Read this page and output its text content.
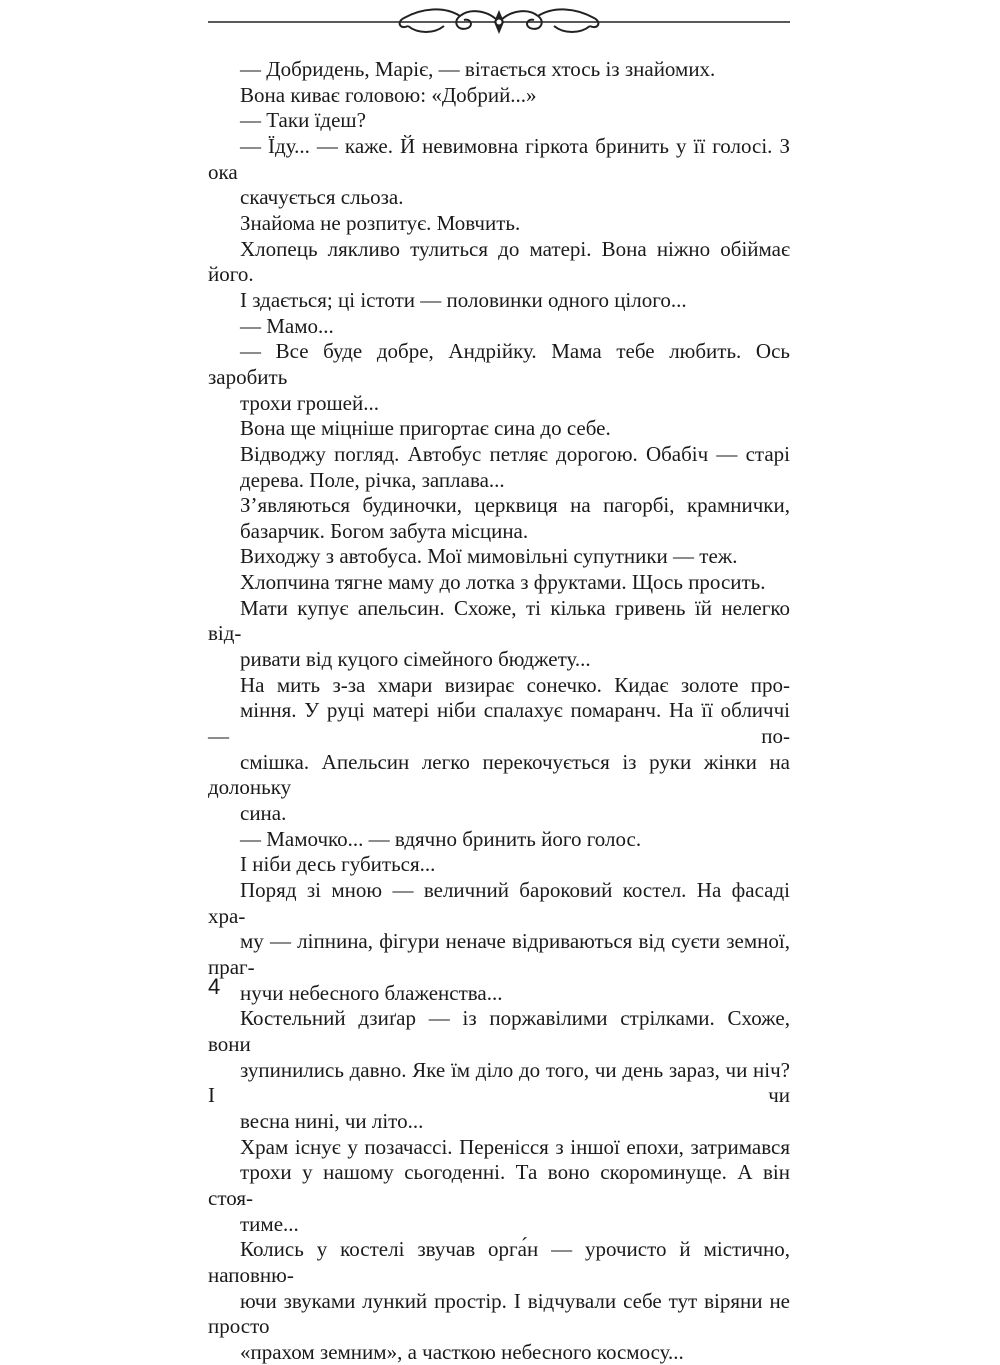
— Добридень, Маріє, — вітається хтось із знайомих.

Вона киває головою: «Добрий...»

— Таки їдеш?

— Їду... — каже. Й невимовна гіркота бринить у її голосі. З ока
скачується сльоза.

Знайома не розпитує. Мовчить.

Хлопець лякливо тулиться до матері. Вона ніжно обіймає його.
І здається; ці істоти — половинки одного цілого...

— Мамо...

— Все буде добре, Андрійку. Мама тебе любить. Ось заробить
трохи грошей...

Вона ще міцніше пригортає сина до себе.

Відводжу погляд. Автобус петляє дорогою. Обабіч — старі
дерева. Поле, річка, заплава...

З’являються будиночки, церквиця на пагорбі, крамнички,
базарчик. Богом забута місцина.

Виходжу з автобуса. Мої мимовільні супутники — теж.

Хлопчина тягне маму до лотка з фруктами. Щось просить.

Мати купує апельсин. Схоже, ті кілька гривень їй нелегко від-
ривати від куцого сімейного бюджету...

На мить з-за хмари визирає сонечко. Кидає золоте про-
міння. У руці матері ніби спалахує помаранч. На її обличчі — по-
смішка. Апельсин легко перекочується із руки жінки на долоньку
сина.

— Мамочко... — вдячно бринить його голос.

І ніби десь губиться...

Поряд зі мною — величний бароковий костел. На фасаді хра-
му — ліпнина, фігури неначе відриваються від суєти земної, праг-
нучи небесного блаженства...

Костельний дзиґар — із поржавілими стрілками. Схоже, вони
зупинились давно. Яке їм діло до того, чи день зараз, чи ніч? І чи
весна нині, чи літо...

Храм існує у позачассі. Перенісся з іншої епохи, затримався
трохи у нашому сьогоденні. Та воно скороминуще. А він стоя-
тиме...

Колись у костелі звучав орга́н — урочисто й містично, наповню-
ючи звуками лункий простір. І відчували себе тут віряни не просто
«прахом земним», а часткою небесного космосу...

4
